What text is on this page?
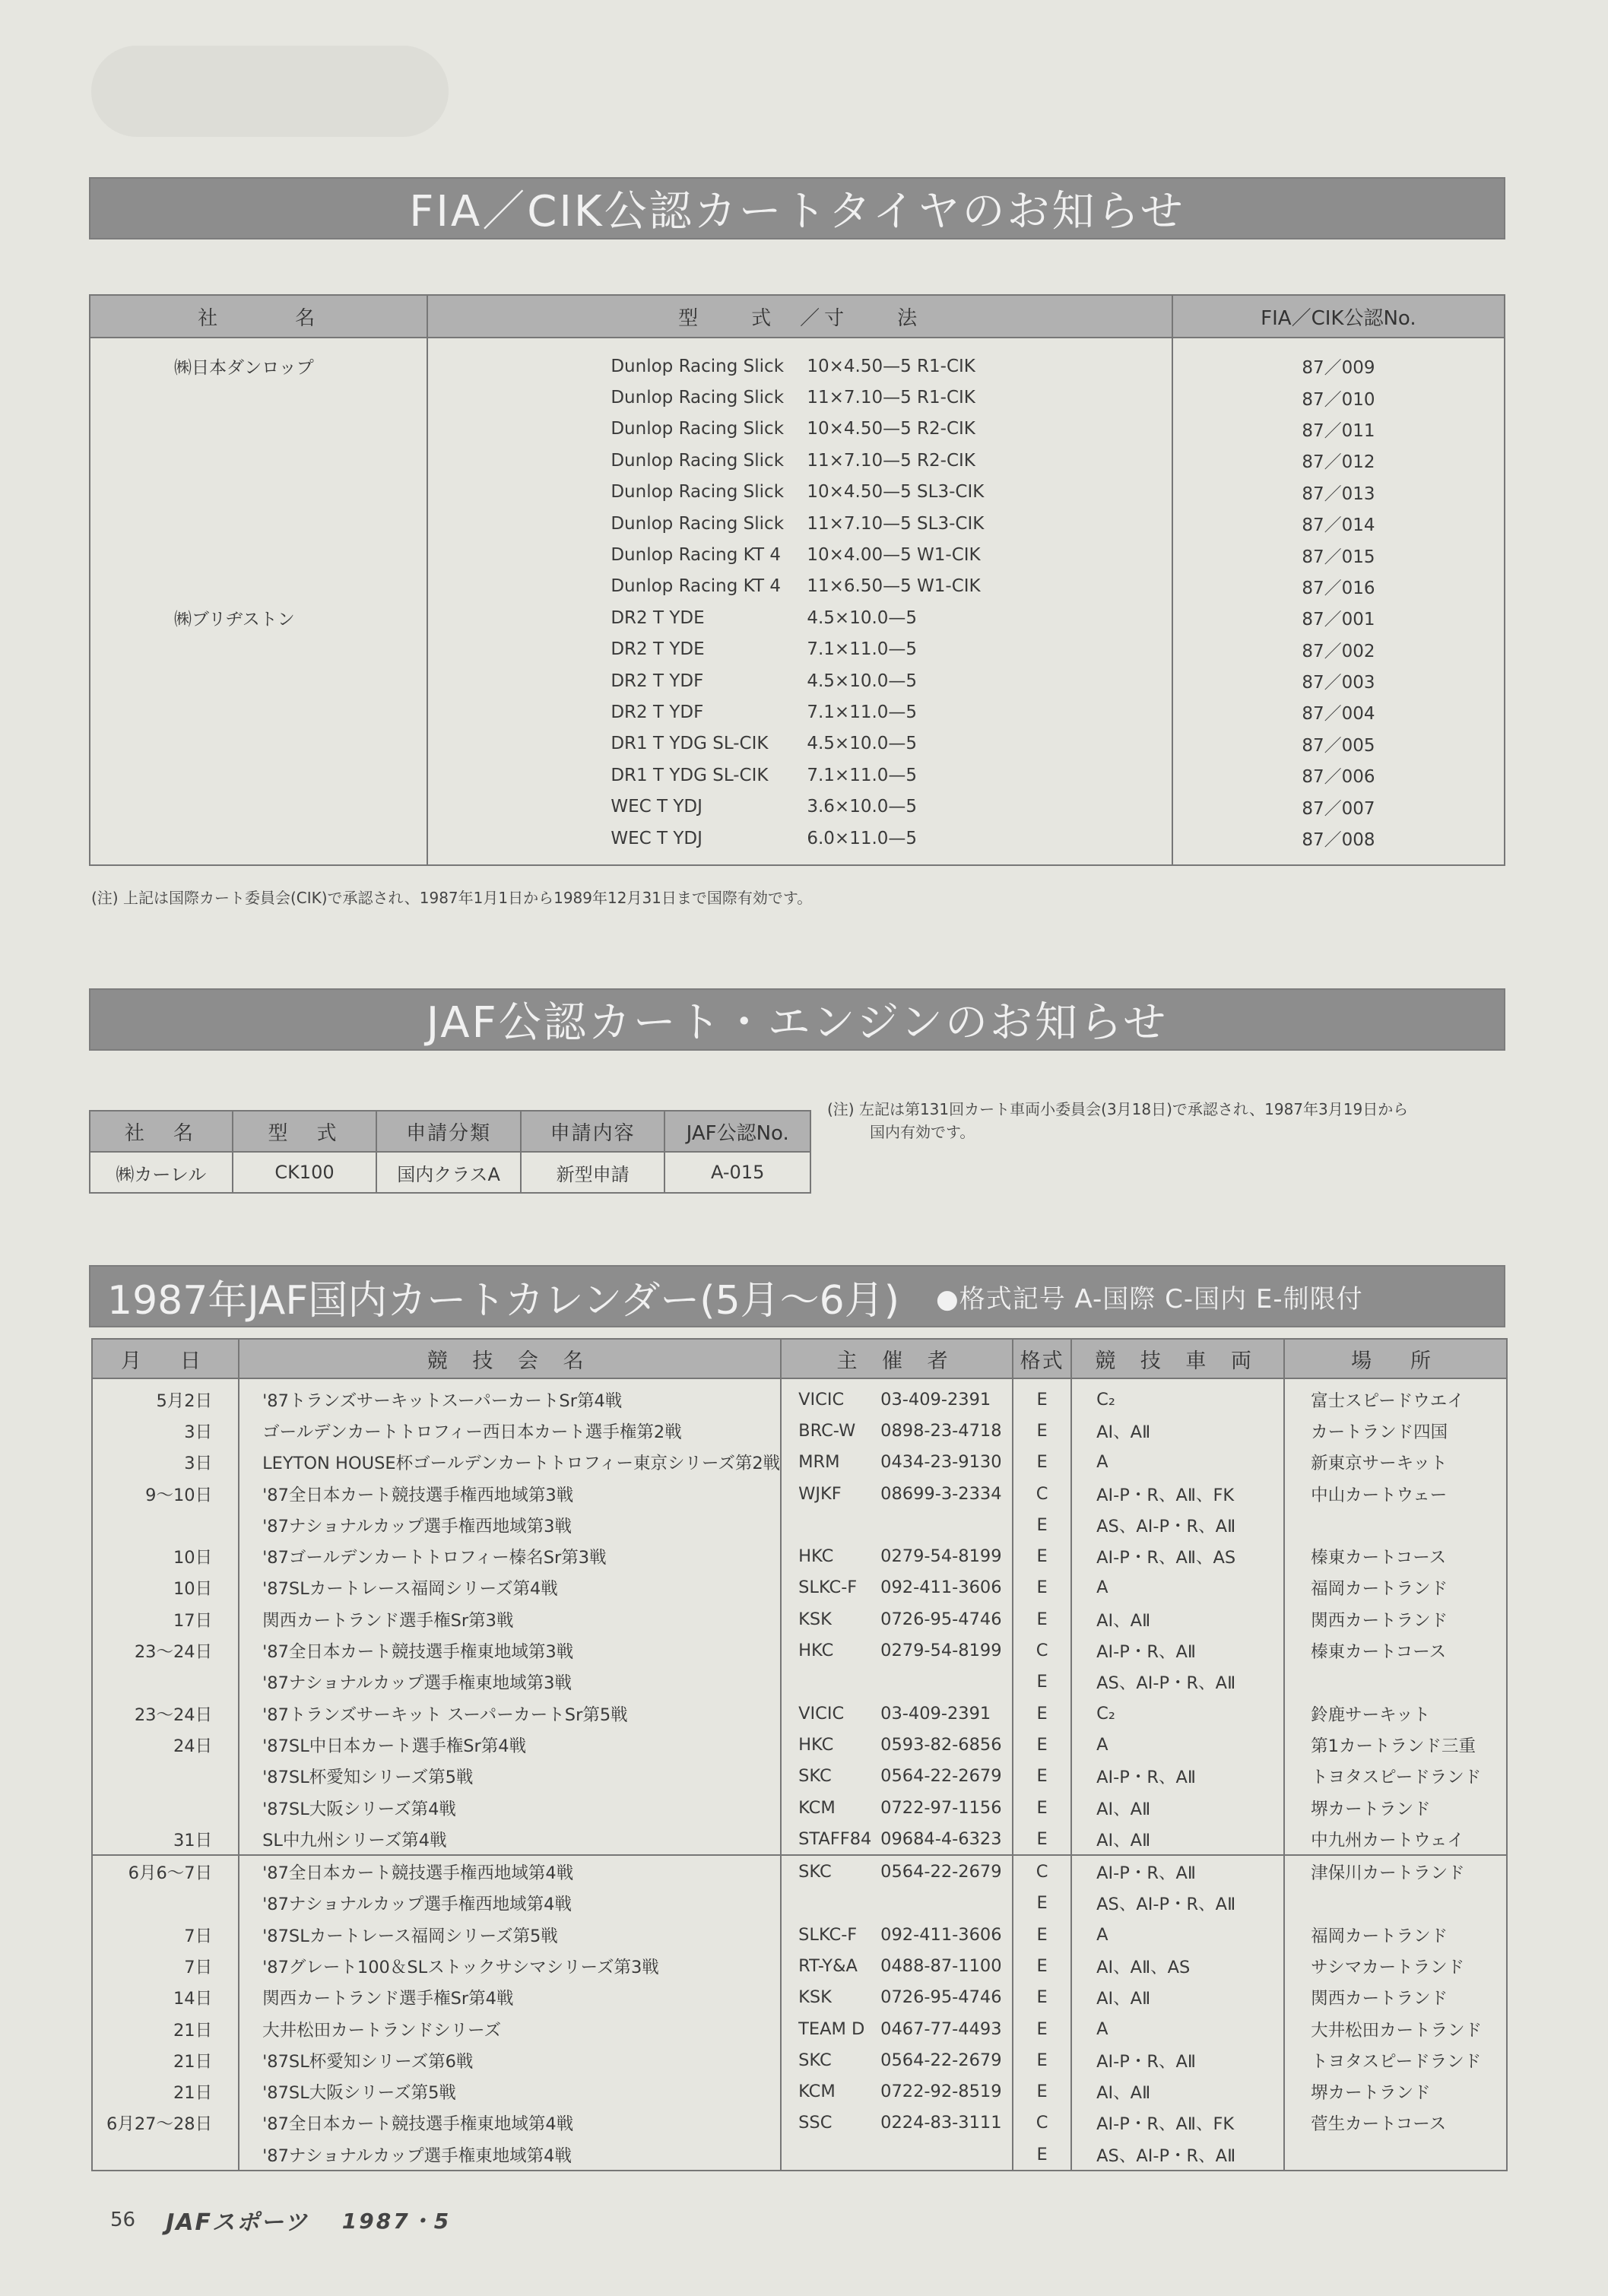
FIA／CIK公認カートタイヤのお知らせ
社　　　名	型　　式　／寸　　法	FIA／CIK公認No.
㈱日本ダンロップ	Dunlop Racing Slick 10×4.50—5 R1-CIK	87／009
	Dunlop Racing Slick 11×7.10—5 R1-CIK	87／010
	Dunlop Racing Slick 10×4.50—5 R2-CIK	87／011
	Dunlop Racing Slick 11×7.10—5 R2-CIK	87／012
	Dunlop Racing Slick 10×4.50—5 SL3-CIK	87／013
	Dunlop Racing Slick 11×7.10—5 SL3-CIK	87／014
	Dunlop Racing KT 4 10×4.00—5 W1-CIK	87／015
	Dunlop Racing KT 4 11×6.50—5 W1-CIK	87／016
㈱ブリヂストン	DR2 T YDE 4.5×10.0—5	87／001
	DR2 T YDE 7.1×11.0—5	87／002
	DR2 T YDF 4.5×10.0—5	87／003
	DR2 T YDF 7.1×11.0—5	87／004
	DR1 T YDG SL-CIK 4.5×10.0—5	87／005
	DR1 T YDG SL-CIK 7.1×11.0—5	87／006
	WEC T YDJ 3.6×10.0—5	87／007
	WEC T YDJ 6.0×11.0—5	87／008
(注) 上記は国際カート委員会(CIK)で承認され、1987年1月1日から1989年12月31日まで国際有効です。
JAF公認カート・エンジンのお知らせ
社　名	型　式	申請分類	申請内容	JAF公認No.
㈱カーレル	CK100	国内クラスA	新型申請	A-015
(注) 左記は第131回カート車両小委員会(3月18日)で承認され、1987年3月19日から
国内有効です。
1987年JAF国内カートカレンダー(5月〜6月) ●格式記号 A-国際 C-国内 E-制限付
月　日	競 技 会 名	主 催 者	格式	競 技 車 両	場　所
5月2日	'87トランズサーキットスーパーカートSr第4戦	VICIC 03-409-2391	E	C₂	富士スピードウエイ
3日	ゴールデンカートトロフィー西日本カート選手権第2戦	BRC-W 0898-23-4718	E	AⅠ、AⅡ	カートランド四国
3日	LEYTON HOUSE杯ゴールデンカートトロフィー東京シリーズ第2戦	MRM 0434-23-9130	E	A	新東京サーキット
9〜10日	'87全日本カート競技選手権西地域第3戦	WJKF 08699-3-2334	C	AⅠ-P・R、AⅡ、FK	中山カートウェー
	'87ナショナルカップ選手権西地域第3戦		E	AS、AⅠ-P・R、AⅡ	
10日	'87ゴールデンカートトロフィー榛名Sr第3戦	HKC 0279-54-8199	E	AⅠ-P・R、AⅡ、AS	榛東カートコース
10日	'87SLカートレース福岡シリーズ第4戦	SLKC-F 092-411-3606	E	A	福岡カートランド
17日	関西カートランド選手権Sr第3戦	KSK 0726-95-4746	E	AⅠ、AⅡ	関西カートランド
23〜24日	'87全日本カート競技選手権東地域第3戦	HKC 0279-54-8199	C	AⅠ-P・R、AⅡ	榛東カートコース
	'87ナショナルカップ選手権東地域第3戦		E	AS、AⅠ-P・R、AⅡ	
23〜24日	'87トランズサーキット スーパーカートSr第5戦	VICIC 03-409-2391	E	C₂	鈴鹿サーキット
24日	'87SL中日本カート選手権Sr第4戦	HKC 0593-82-6856	E	A	第1カートランド三重
	'87SL杯愛知シリーズ第5戦	SKC 0564-22-2679	E	AⅠ-P・R、AⅡ	トヨタスピードランド
	'87SL大阪シリーズ第4戦	KCM 0722-97-1156	E	AⅠ、AⅡ	堺カートランド
31日	SL中九州シリーズ第4戦	STAFF84 09684-4-6323	E	AⅠ、AⅡ	中九州カートウェイ
6月6〜7日	'87全日本カート競技選手権西地域第4戦	SKC 0564-22-2679	C	AⅠ-P・R、AⅡ	津保川カートランド
	'87ナショナルカップ選手権西地域第4戦		E	AS、AⅠ-P・R、AⅡ	
7日	'87SLカートレース福岡シリーズ第5戦	SLKC-F 092-411-3606	E	A	福岡カートランド
7日	'87グレート100＆SLストックサシマシリーズ第3戦	RT-Y&A 0488-87-1100	E	AⅠ、AⅡ、AS	サシマカートランド
14日	関西カートランド選手権Sr第4戦	KSK 0726-95-4746	E	AⅠ、AⅡ	関西カートランド
21日	大井松田カートランドシリーズ	TEAM D 0467-77-4493	E	A	大井松田カートランド
21日	'87SL杯愛知シリーズ第6戦	SKC 0564-22-2679	E	AⅠ-P・R、AⅡ	トヨタスピードランド
21日	'87SL大阪シリーズ第5戦	KCM 0722-92-8519	E	AⅠ、AⅡ	堺カートランド
6月27〜28日	'87全日本カート競技選手権東地域第4戦	SSC 0224-83-3111	C	AⅠ-P・R、AⅡ、FK	菅生カートコース
	'87ナショナルカップ選手権東地域第4戦		E	AS、AⅠ-P・R、AⅡ	
56 JAFスポーツ 1987・5
